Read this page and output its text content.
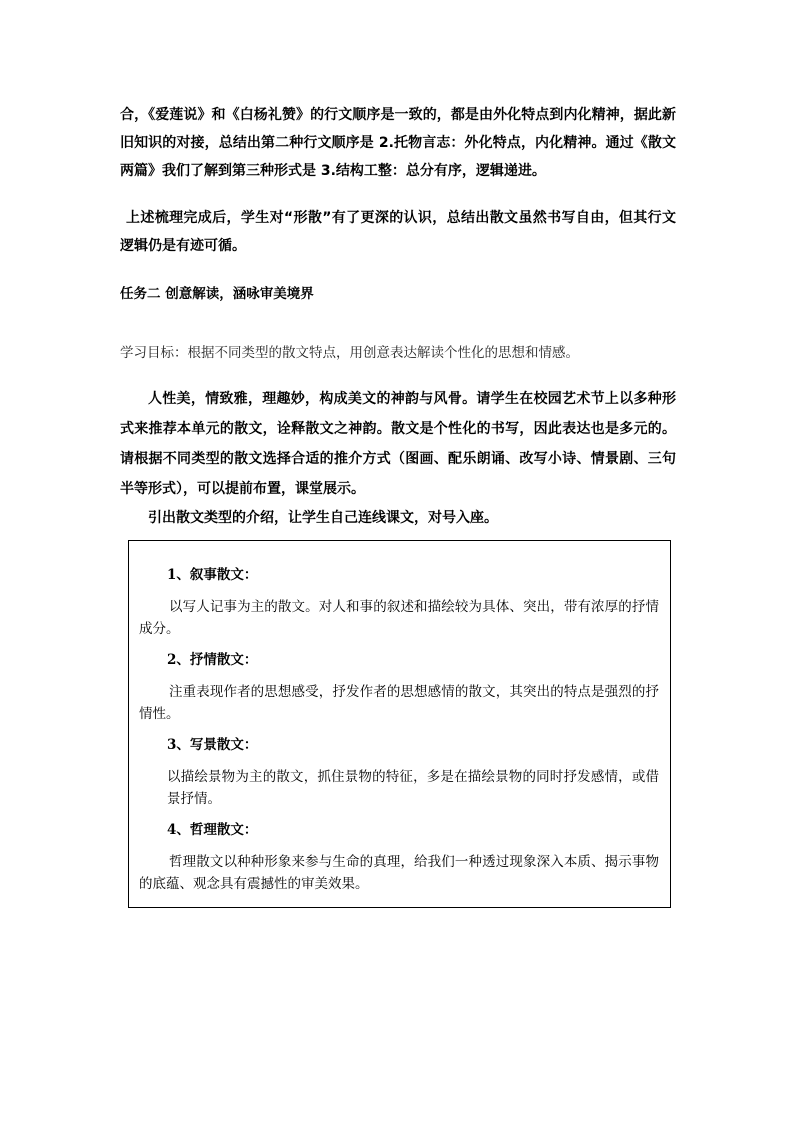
合，《爱莲说》和《白杨礼赞》的行文顺序是一致的，都是由外化特点到内化精神，据此新旧知识的对接，总结出第二种行文顺序是 2.托物言志：外化特点，内化精神。通过《散文两篇》我们了解到第三种形式是 3.结构工整：总分有序，逻辑递进。

上述梳理完成后，学生对“形散”有了更深的认识，总结出散文虽然书写自由，但其行文逻辑仍是有迹可循。

任务二 创意解读，涵咏审美境界

学习目标：根据不同类型的散文特点，用创意表达解读个性化的思想和情感。

人性美，情致雅，理趣妙，构成美文的神韵与风骨。请学生在校园艺术节上以多种形式来推荐本单元的散文，诠释散文之神韵。散文是个性化的书写，因此表达也是多元的。请根据不同类型的散文选择合适的推介方式（图画、配乐朗诵、改写小诗、情景剧、三句半等形式），可以提前布置，课堂展示。

引出散文类型的介绍，让学生自己连线课文，对号入座。

1、叙事散文：

以写人记事为主的散文。对人和事的叙述和描绘较为具体、突出，带有浓厚的抒情成分。

2、抒情散文：

注重表现作者的思想感受，抒发作者的思想感情的散文，其突出的特点是强烈的抒情性。

3、写景散文：

以描绘景物为主的散文，抓住景物的特征，多是在描绘景物的同时抒发感情，或借景抒情。

4、哲理散文：

哲理散文以种种形象来参与生命的真理，给我们一种透过现象深入本质、揭示事物的底蕴、观念具有震撼性的审美效果。
